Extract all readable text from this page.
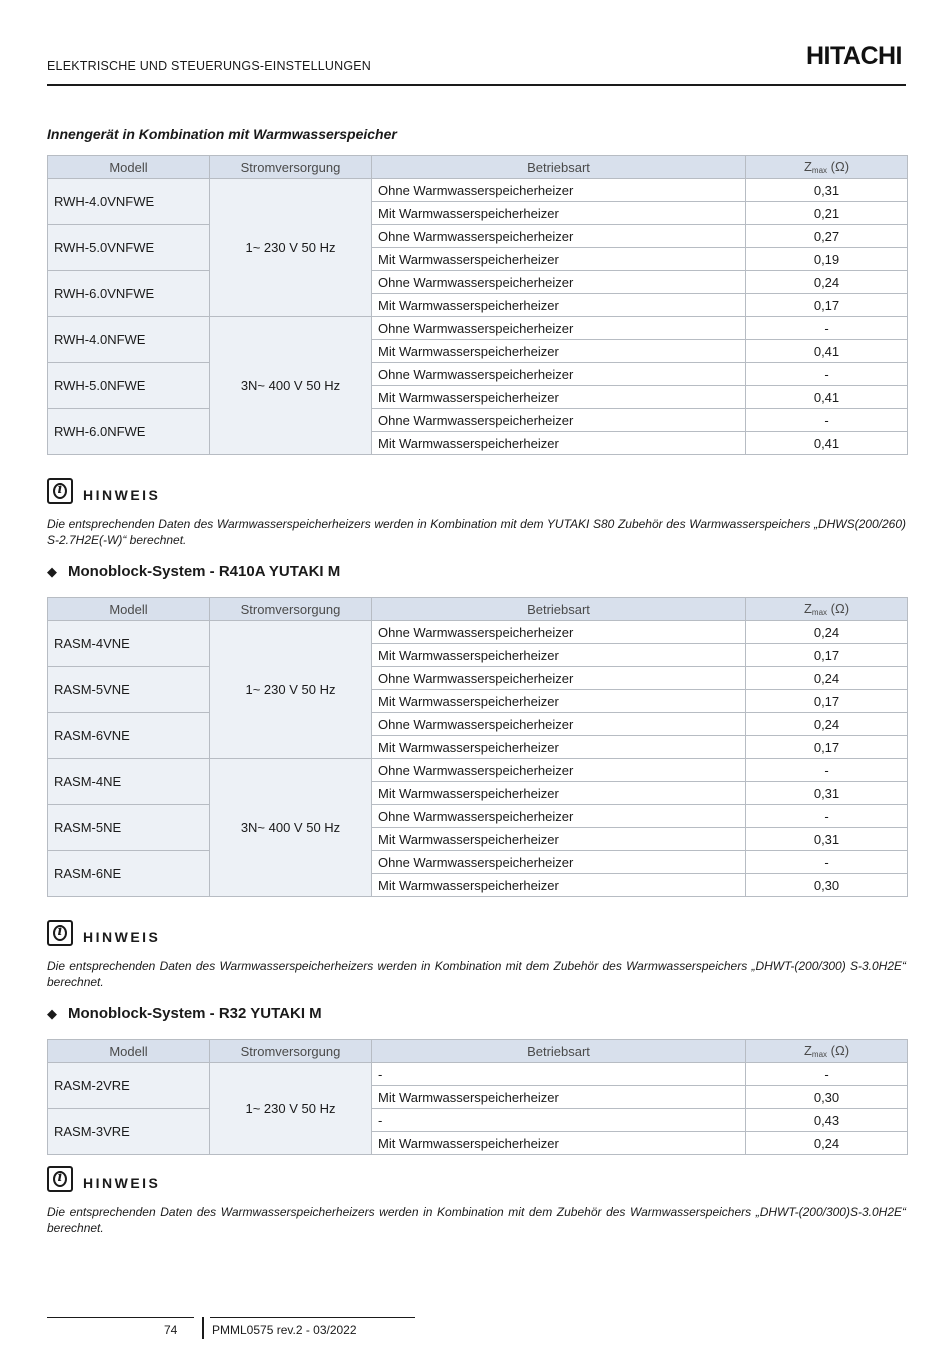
ELEKTRISCHE UND STEUERUNGS-EINSTELLUNGEN	HITACHI
Innengerät in Kombination mit Warmwasserspeicher
Modell	Stromversorgung	Betriebsart	$Z_{max}$ (Ω)
RWH-4.0VNFWE	1~ 230 V 50 Hz	Ohne Warmwasserspeicherheizer	0,31
		Mit Warmwasserspeicherheizer	0,21
RWH-5.0VNFWE		Ohne Warmwasserspeicherheizer	0,27
		Mit Warmwasserspeicherheizer	0,19
RWH-6.0VNFWE		Ohne Warmwasserspeicherheizer	0,24
		Mit Warmwasserspeicherheizer	0,17
RWH-4.0NFWE	3N~ 400 V 50 Hz	Ohne Warmwasserspeicherheizer	-
		Mit Warmwasserspeicherheizer	0,41
RWH-5.0NFWE		Ohne Warmwasserspeicherheizer	-
		Mit Warmwasserspeicherheizer	0,41
RWH-6.0NFWE		Ohne Warmwasserspeicherheizer	-
		Mit Warmwasserspeicherheizer	0,41
i	HINWEIS
Die entsprechenden Daten des Warmwasserspeicherheizers werden in Kombination mit dem YUTAKI S80 Zubehör des Warmwasserspeichers „DHWS(200/260) S-2.7H2E(-W)“ berechnet.
◆ Monoblock-System - R410A YUTAKI M
Modell	Stromversorgung	Betriebsart	$Z_{max}$ (Ω)
RASM-4VNE	1~ 230 V 50 Hz	Ohne Warmwasserspeicherheizer	0,24
		Mit Warmwasserspeicherheizer	0,17
RASM-5VNE		Ohne Warmwasserspeicherheizer	0,24
		Mit Warmwasserspeicherheizer	0,17
RASM-6VNE		Ohne Warmwasserspeicherheizer	0,24
		Mit Warmwasserspeicherheizer	0,17
RASM-4NE	3N~ 400 V 50 Hz	Ohne Warmwasserspeicherheizer	-
		Mit Warmwasserspeicherheizer	0,31
RASM-5NE		Ohne Warmwasserspeicherheizer	-
		Mit Warmwasserspeicherheizer	0,31
RASM-6NE		Ohne Warmwasserspeicherheizer	-
		Mit Warmwasserspeicherheizer	0,30
i	HINWEIS
Die entsprechenden Daten des Warmwasserspeicherheizers werden in Kombination mit dem Zubehör des Warmwasserspeichers „DHWT-(200/300) S-3.0H2E“ berechnet.
◆ Monoblock-System - R32 YUTAKI M
Modell	Stromversorgung	Betriebsart	$Z_{max}$ (Ω)
RASM-2VRE	1~ 230 V 50 Hz	-	-
		Mit Warmwasserspeicherheizer	0,30
RASM-3VRE		-	0,43
		Mit Warmwasserspeicherheizer	0,24
i	HINWEIS
Die entsprechenden Daten des Warmwasserspeicherheizers werden in Kombination mit dem Zubehör des Warmwasserspeichers „DHWT-(200/300)S-3.0H2E“ berechnet.
74	PMML0575 rev.2 - 03/2022
